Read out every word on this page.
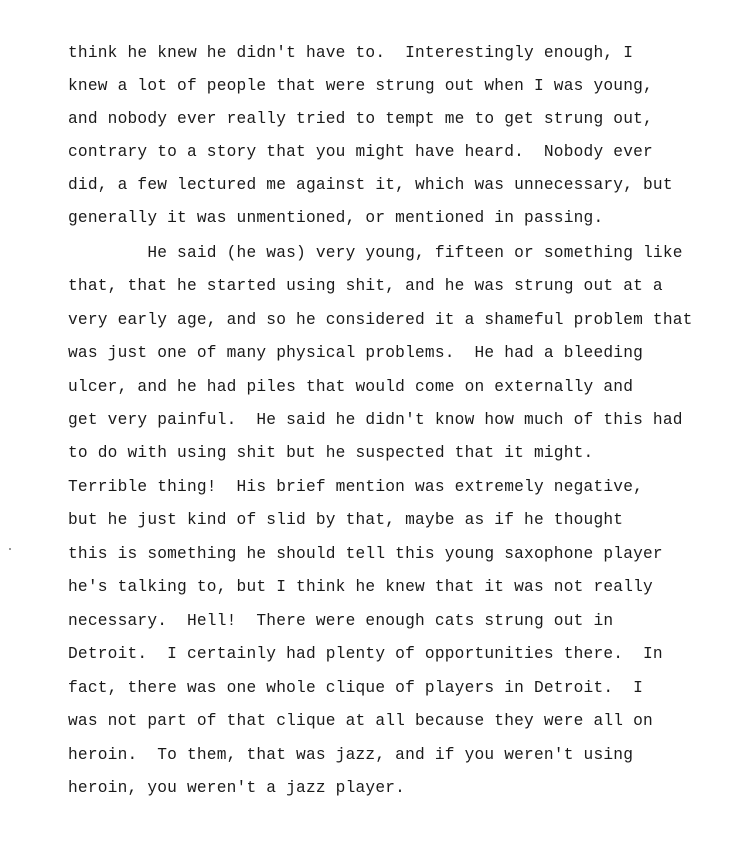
think he knew he didn't have to.  Interestingly enough, I
knew a lot of people that were strung out when I was young,
and nobody ever really tried to tempt me to get strung out,
contrary to a story that you might have heard.  Nobody ever
did, a few lectured me against it, which was unnecessary, but
generally it was unmentioned, or mentioned in passing.
He said (he was) very young, fifteen or something like
that, that he started using shit, and he was strung out at a
very early age, and so he considered it a shameful problem that
was just one of many physical problems.  He had a bleeding
ulcer, and he had piles that would come on externally and
get very painful.  He said he didn't know how much of this had
to do with using shit but he suspected that it might.
Terrible thing!  His brief mention was extremely negative,
but he just kind of slid by that, maybe as if he thought
this is something he should tell this young saxophone player
he's talking to, but I think he knew that it was not really
necessary.  Hell!  There were enough cats strung out in
Detroit.  I certainly had plenty of opportunities there.  In
fact, there was one whole clique of players in Detroit.  I
was not part of that clique at all because they were all on
heroin.  To them, that was jazz, and if you weren't using
heroin, you weren't a jazz player.
